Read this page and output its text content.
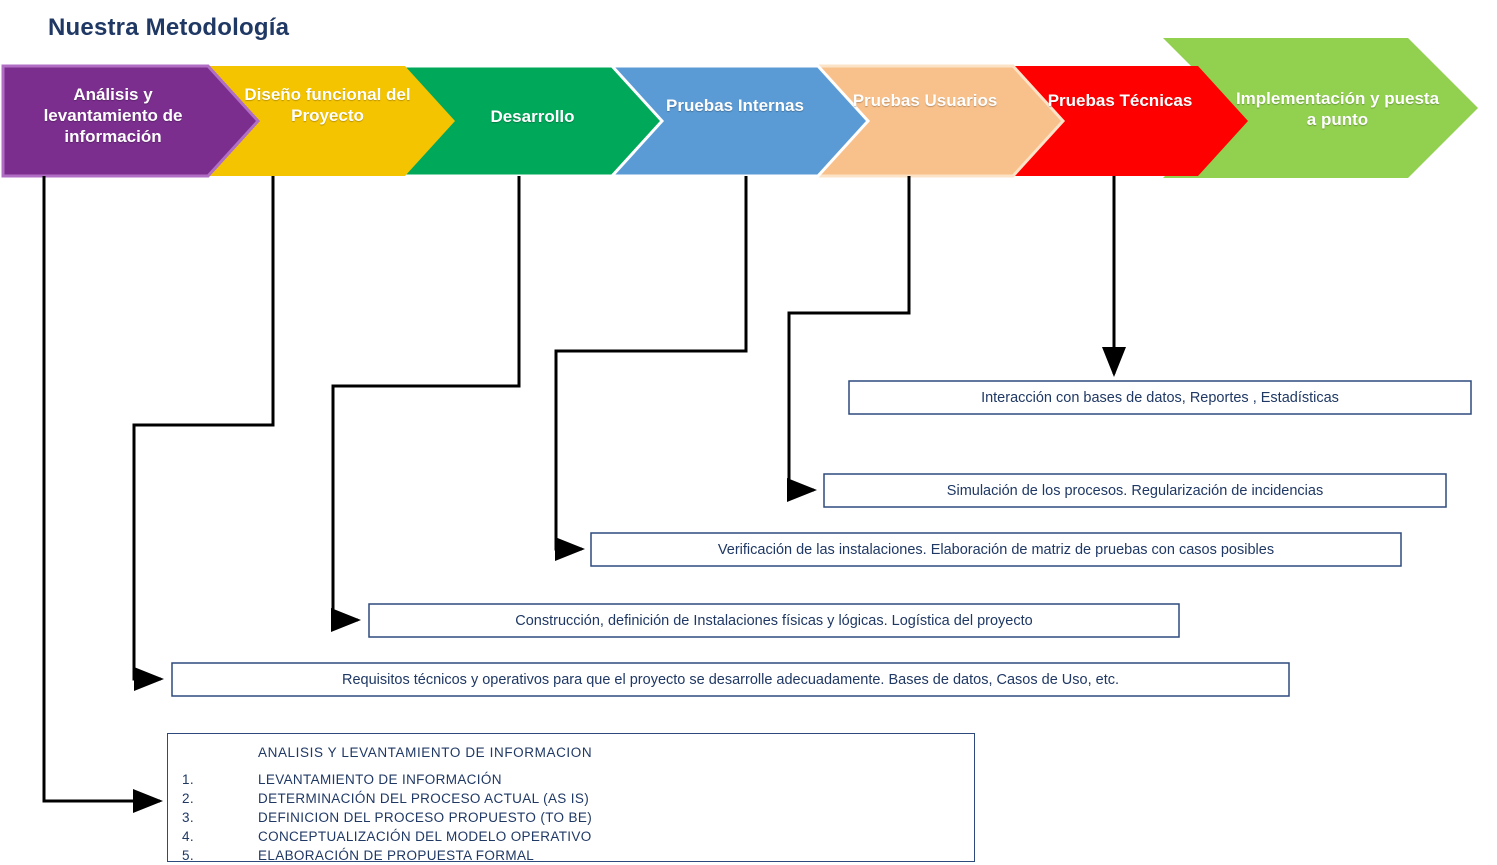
Nuestra Metodología
Análisis y levantamiento de información
Diseño funcional del Proyecto	Desarrollo
Pruebas Internas	Pruebas Usuarios	Pruebas Técnicas	Implementación y puesta a punto
Interacción con bases de datos, Reportes , Estadísticas
Simulación de los procesos. Regularización de incidencias
Verificación de las instalaciones. Elaboración de matriz de pruebas con casos posibles
Construcción, definición de Instalaciones físicas y lógicas. Logística del proyecto
Requisitos técnicos y operativos para que el proyecto se desarrolle adecuadamente. Bases de datos, Casos de Uso, etc.
ANALISIS Y LEVANTAMIENTO DE INFORMACION
1.	LEVANTAMIENTO DE INFORMACIÓN
2.	DETERMINACIÓN DEL PROCESO ACTUAL (AS IS)
3.	DEFINICION DEL PROCESO PROPUESTO (TO BE)
4.	CONCEPTUALIZACIÓN DEL MODELO OPERATIVO
5.	ELABORACIÓN DE PROPUESTA FORMAL
